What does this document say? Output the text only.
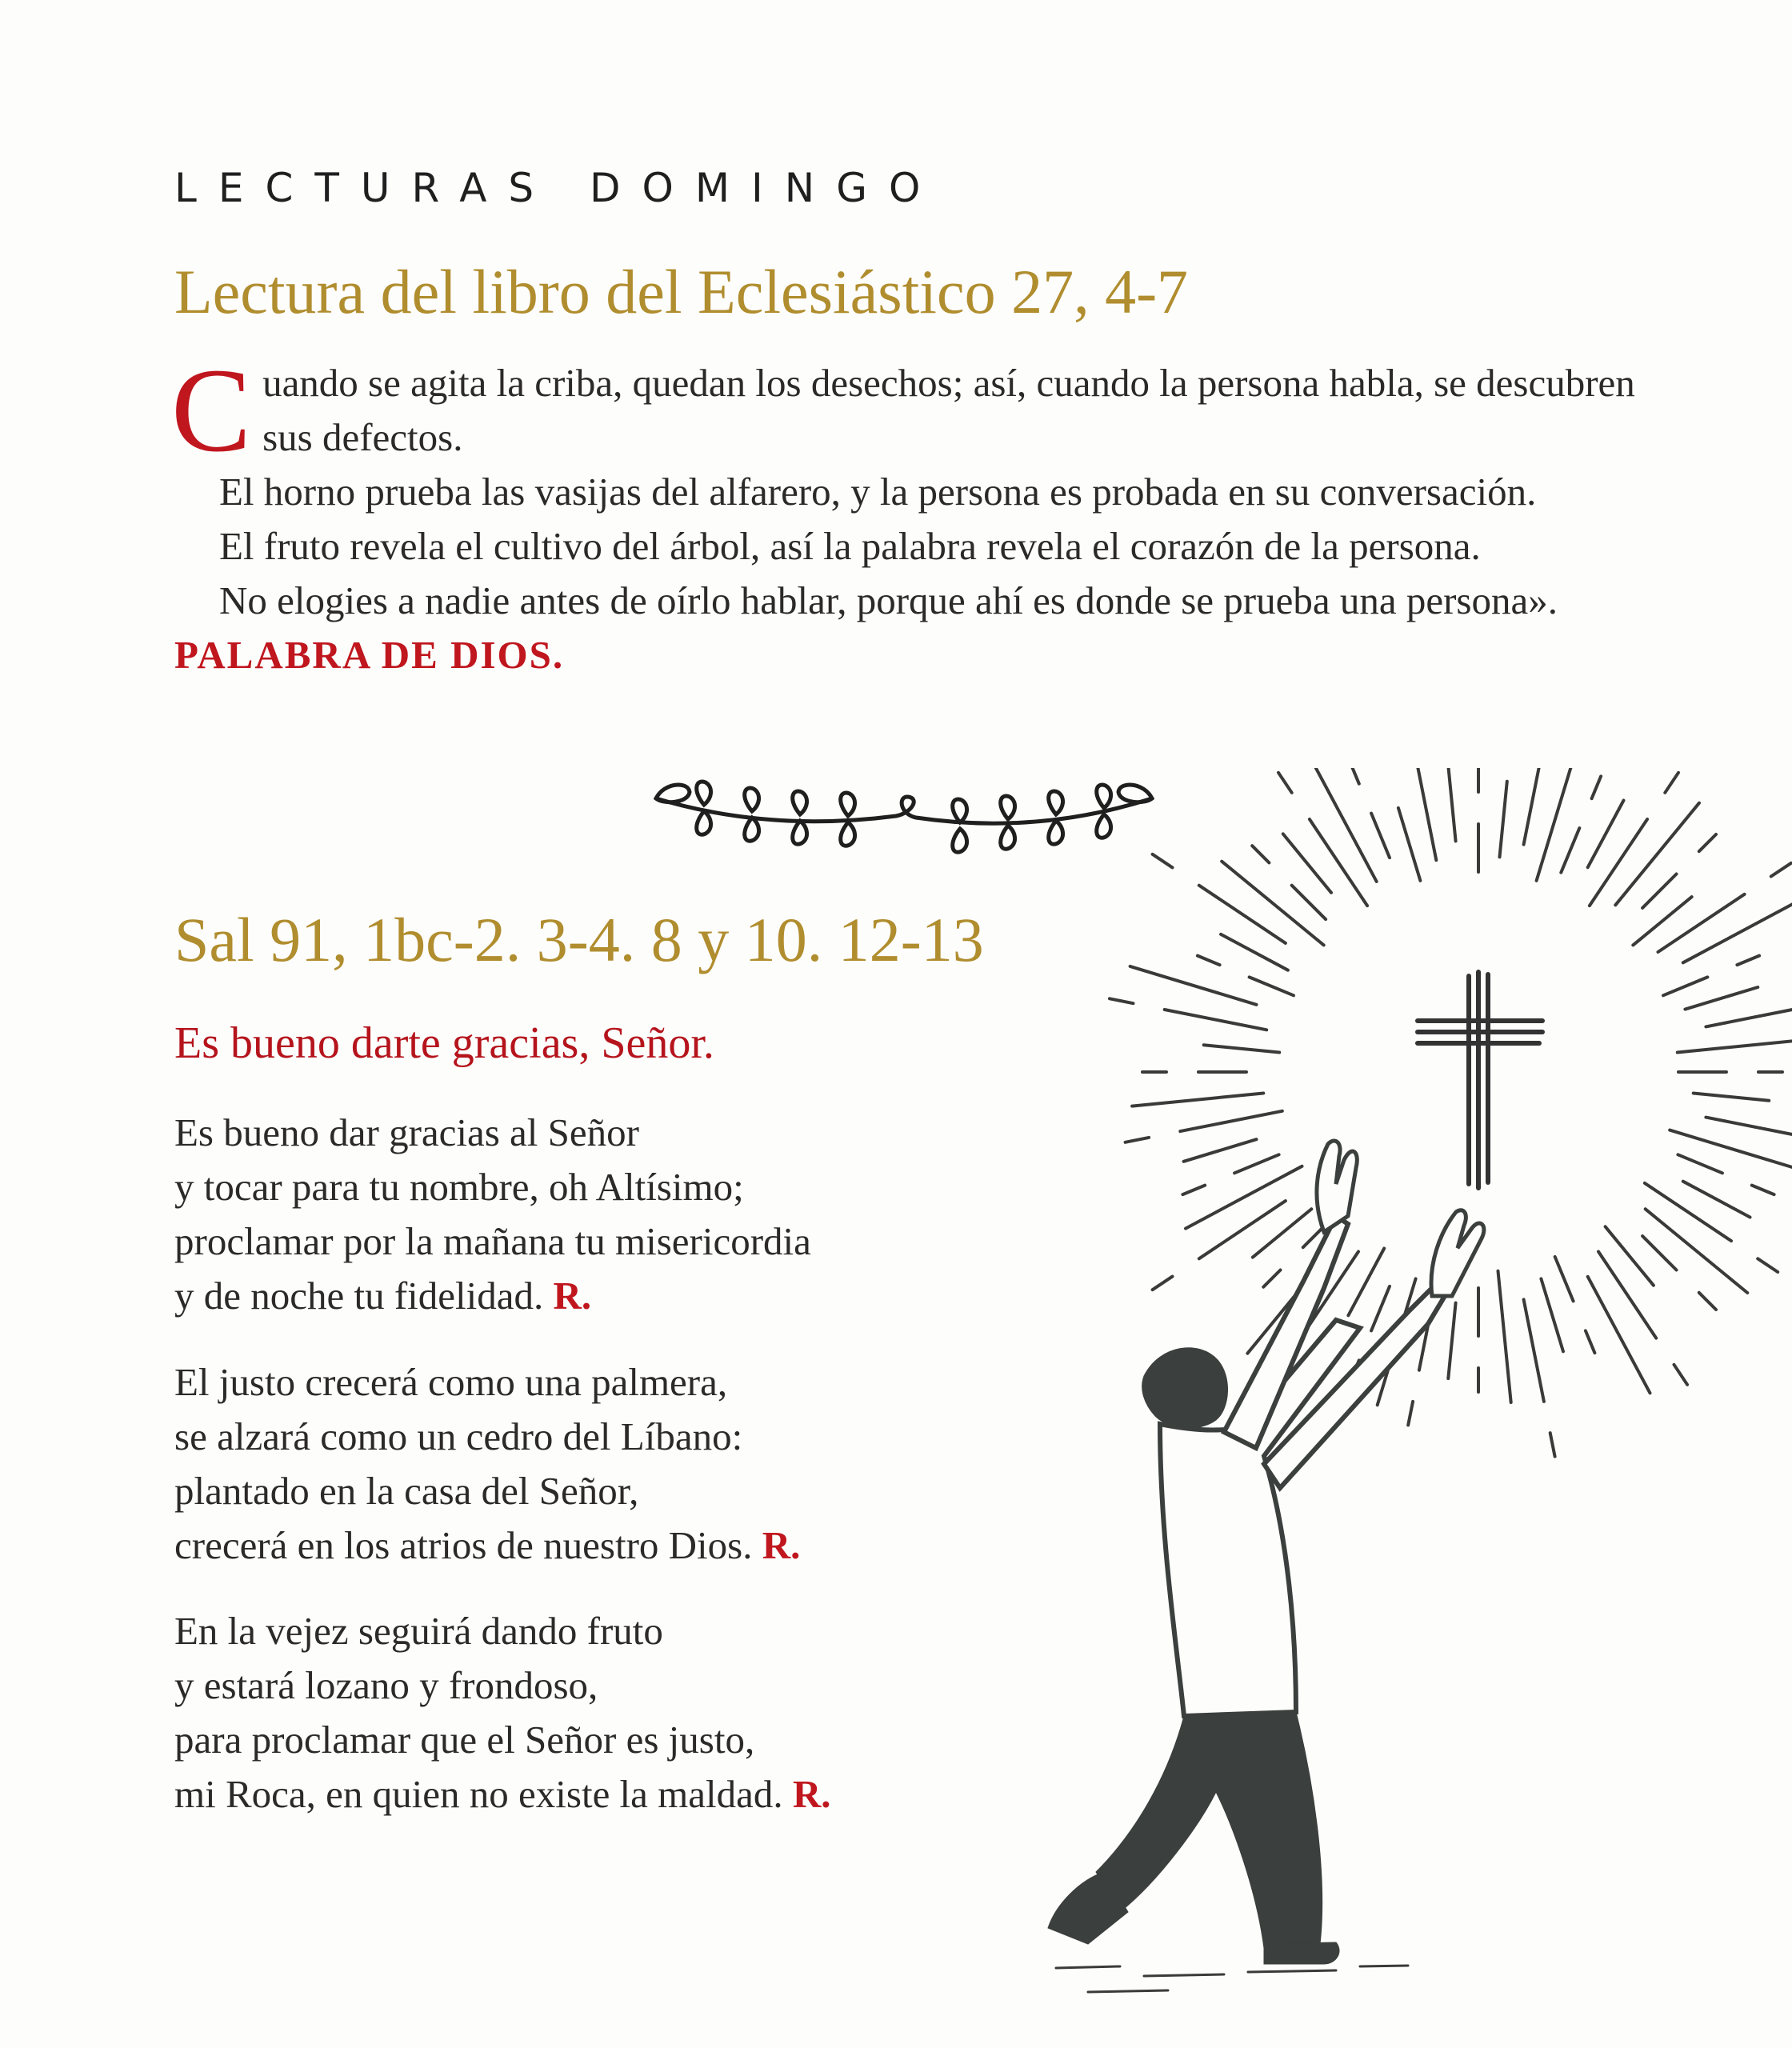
LECTURAS DOMINGO
Lectura del libro del Eclesiástico 27, 4-7

Cuando se agita la criba, quedan los desechos; así, cuando la persona habla, se descubren sus defectos.

El horno prueba las vasijas del alfarero, y la persona es probada en su conversación.

El fruto revela el cultivo del árbol, así la palabra revela el corazón de la persona.

No elogies a nadie antes de oírlo hablar, porque ahí es donde se prueba una persona». PALABRA DE DIOS.

Sal 91, 1bc-2. 3-4. 8 y 10. 12-13
Es bueno darte gracias, Señor.
Es bueno dar gracias al Señor
y tocar para tu nombre, oh Altísimo;
proclamar por la mañana tu misericordia
y de noche tu fidelidad. R.
El justo crecerá como una palmera,
se alzará como un cedro del Líbano:
plantado en la casa del Señor,
crecerá en los atrios de nuestro Dios. R.
En la vejez seguirá dando fruto
y estará lozano y frondoso,
para proclamar que el Señor es justo,
mi Roca, en quien no existe la maldad. R.
